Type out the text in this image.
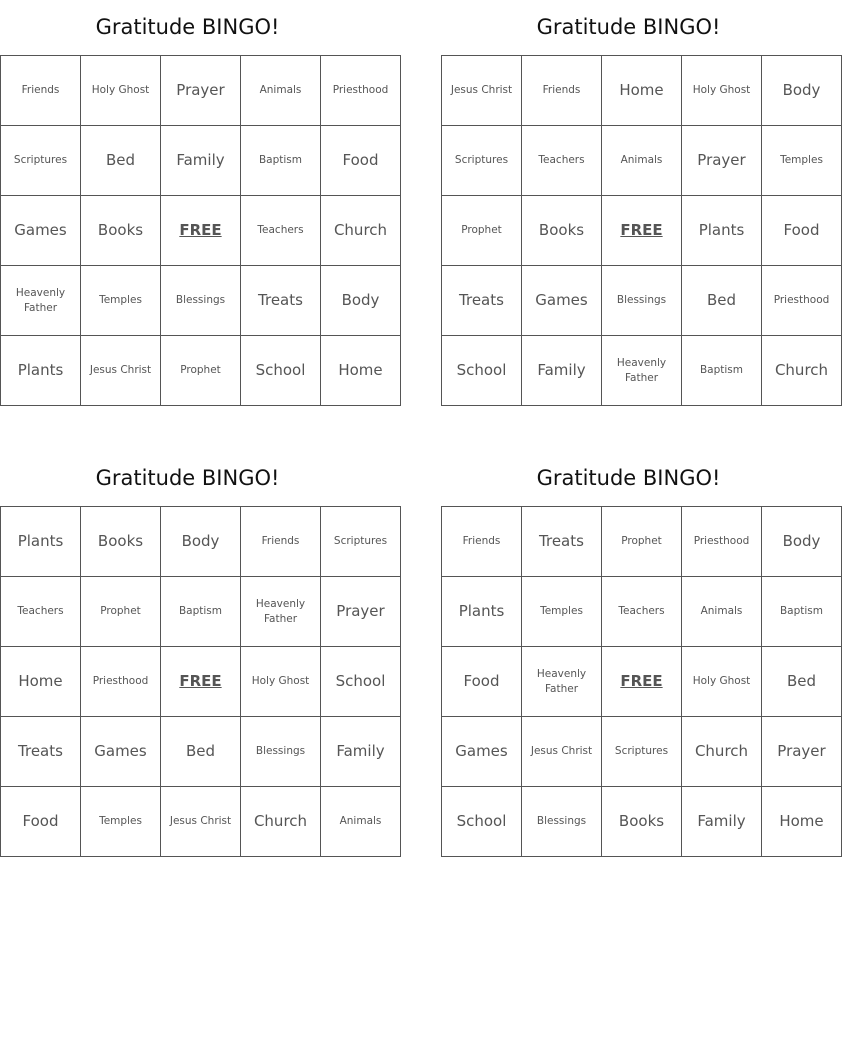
Gratitude BINGO!
Friends	Holy Ghost	Prayer	Animals	Priesthood
Scriptures	Bed	Family	Baptism	Food
Games	Books	FREE	Teachers	Church
Heavenly Father	Temples	Blessings	Treats	Body
Plants	Jesus Christ	Prophet	School	Home
Gratitude BINGO!
Jesus Christ	Friends	Home	Holy Ghost	Body
Scriptures	Teachers	Animals	Prayer	Temples
Prophet	Books	FREE	Plants	Food
Treats	Games	Blessings	Bed	Priesthood
School	Family	Heavenly Father	Baptism	Church
Gratitude BINGO!
Plants	Books	Body	Friends	Scriptures
Teachers	Prophet	Baptism	Heavenly Father	Prayer
Home	Priesthood	FREE	Holy Ghost	School
Treats	Games	Bed	Blessings	Family
Food	Temples	Jesus Christ	Church	Animals
Gratitude BINGO!
Friends	Treats	Prophet	Priesthood	Body
Plants	Temples	Teachers	Animals	Baptism
Food	Heavenly Father	FREE	Holy Ghost	Bed
Games	Jesus Christ	Scriptures	Church	Prayer
School	Blessings	Books	Family	Home
